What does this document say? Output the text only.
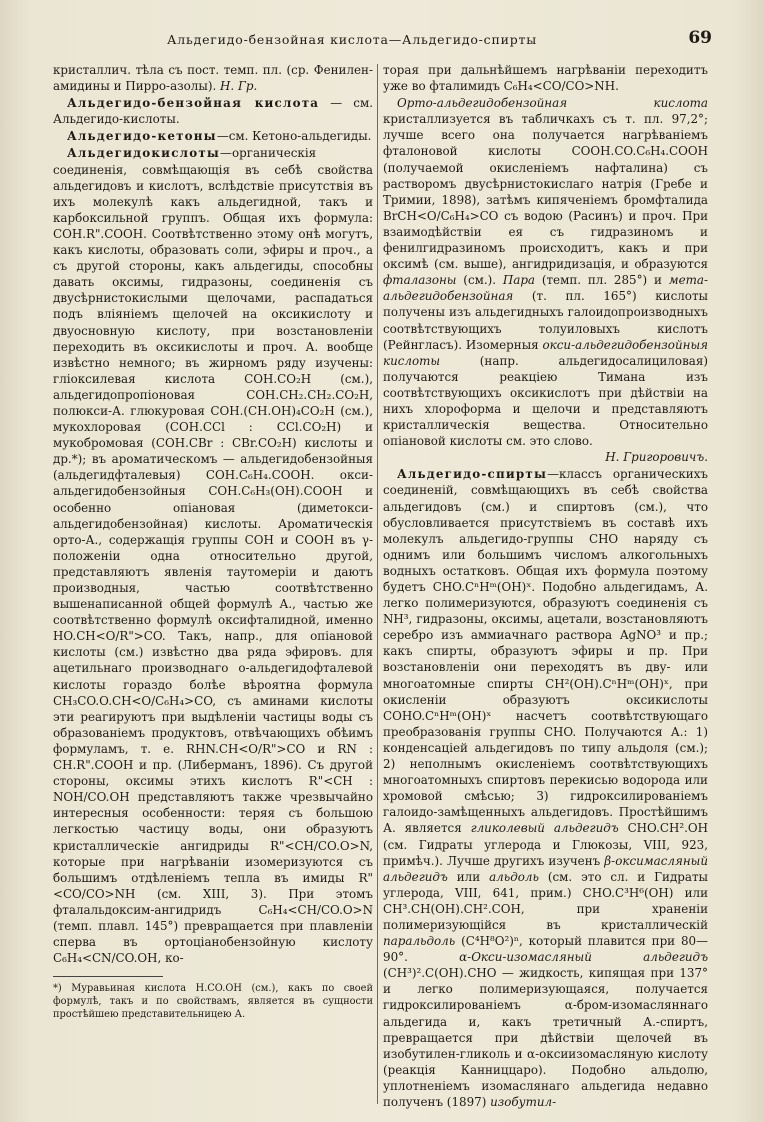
Альдегидо-бензойная кислота—Альдегидо-спирты	69

кристаллич. тѣла съ пост. темп. пл. (ср. Фенилен-амидины и Пирро-азолы). Н. Гр.

Альдегидо-бензойная кислота — см. Альдегидо-кислоты.

Альдегидо-кетоны—см. Кетоно-альдегиды.

Альдегидокислоты—органическія соединенія, совмѣщающія въ себѣ свойства альдегидовъ и кислотъ, вслѣдствіе присутствія въ ихъ молекулѣ какъ альдегидной, такъ и карбоксильной группъ. Общая ихъ формула: COH.R".COOH. Соотвѣтственно этому онѣ могутъ, какъ кислоты, образовать соли, эфиры и проч., а съ другой стороны, какъ альдегиды, способны давать оксимы, гидразоны, соединенія съ двусѣрнистокислыми щелочами, распадаться подъ вліяніемъ щелочей на оксикислоту и двуосновную кислоту, при возстановленіи переходить въ оксикислоты и проч. А. вообще извѣстно немного; въ жирномъ ряду изучены: гліоксилевая кислота COH.CO₂H (см.), альдегидопропіоновая COH.CH₂.CH₂.CO₂H, полюкси-А. глюкуровая COH.(CH.OH)₄CO₂H (см.), мукохлоровая (COH.CCl : CCl.CO₂H) и мукобромовая (COH.CBr : CBr.CO₂H) кислоты и др.*); въ ароматическомъ — альдегидобензойныя (альдегидфталевыя) COH.C₆H₄.COOH. окси-альдегидобензойныя COH.C₆H₃(OH).COOH и особенно опіановая (диметокси-альдегидобензойная) кислоты. Ароматическія орто-А., содержащія группы COH и COOH въ γ-положеніи одна относительно другой, представляютъ явленія таутомеріи и даютъ производныя, частью соотвѣтственно вышенаписанной общей формулѣ А., частью же соотвѣтственно формулѣ оксифталидной, именно HO.CH<O/R">CO. Такъ, напр., для опіановой кислоты (см.) извѣстно два ряда эфировъ. для ацетильнаго производнаго о-альдегидофталевой кислоты гораздо болѣе вѣроятна формула CH₃CO.O.CH<O/C₆H₄>CO, съ аминами кислоты эти реагируютъ при выдѣленіи частицы воды съ образованіемъ продуктовъ, отвѣчающихъ обѣимъ формуламъ, т. е. RHN.CH<O/R">CO и RN : CH.R".COOH и пр. (Либерманъ, 1896). Съ другой стороны, оксимы этихъ кислотъ R"<CH : NOH/CO.OH представляютъ также чрезвычайно интересныя особенности: теряя съ большою легкостью частицу воды, они образуютъ кристаллическіе ангидриды R"<CH/CO.O>N, которые при нагрѣваніи изомеризуются съ большимъ отдѣленіемъ тепла въ имиды R"<CO/CO>NH (см. XIII, 3). При этомъ фталальдоксим-ангидридъ C₆H₄<CH/CO.O>N (темп. плавл. 145°) превращается при плавленіи сперва въ ортоціанобензойную кислоту C₆H₄<CN/CO.OH, ко-

*) Муравьиная кислота H.CO.OH (см.), какъ по своей формулѣ, такъ и по свойствамъ, является въ сущности простѣйшею представительницею А.

торая при дальнѣйшемъ нагрѣваніи переходитъ уже во фталимидъ C₆H₄<CO/CO>NH.

Орто-альдегидобензойная кислота кристаллизуется въ табличкахъ съ т. пл. 97,2°; лучше всего она получается нагрѣваніемъ фталоновой кислоты COOH.CO.C₆H₄.COOH (получаемой окисленіемъ нафталина) съ растворомъ двусѣрнистокислаго натрія (Гребе и Тримии, 1898), затѣмъ кипяченіемъ бромфталида BrCH<O/C₆H₄>CO съ водою (Расинъ) и проч. При взаимодѣйствіи ея съ гидразиномъ и фенилгидразиномъ происходитъ, какъ и при оксимѣ (см. выше), ангидридизація, и образуются фталазоны (см.). Пара (темп. пл. 285°) и мета-альдегидобензойная (т. пл. 165°) кислоты получены изъ альдегидныхъ галоидопроизводныхъ соотвѣтствующихъ толуиловыхъ кислотъ (Рейнгласъ). Изомерныя окси-альдегидобензойныя кислоты (напр. альдегидосалициловая) получаются реакціею Тимана изъ соотвѣтствующихъ оксикислотъ при дѣйствіи на нихъ хлороформа и щелочи и представляютъ кристаллическія вещества. Относительно опіановой кислоты см. это слово.
Н. Григоровичъ.

Альдегидо-спирты—классъ органическихъ соединеній, совмѣщающихъ въ себѣ свойства альдегидовъ (см.) и спиртовъ (см.), что обусловливается присутствіемъ въ составѣ ихъ молекулъ альдегидо-группы CHO наряду съ однимъ или большимъ числомъ алкогольныхъ водныхъ остатковъ. Общая ихъ формула поэтому будетъ CHO.CⁿHᵐ(OH)ˣ. Подобно альдегидамъ, А. легко полимеризуются, образуютъ соединенія съ NH³, гидразоны, оксимы, ацетали, возстановляютъ серебро изъ аммиачнаго раствора AgNO³ и пр.; какъ спирты, образуютъ эфиры и пр. При возстановленіи они переходятъ въ дву- или многоатомные спирты CH²(OH).CⁿHᵐ(OH)ˣ, при окисленіи образуютъ оксикислоты COHO.CⁿHᵐ(OH)ˣ насчетъ соотвѣтствующаго преобразованія группы CHO. Получаются А.: 1) конденсаціей альдегидовъ по типу альдоля (см.); 2) неполнымъ окисленіемъ соотвѣтствующихъ многоатомныхъ спиртовъ перекисью водорода или хромовой смѣсью; 3) гидроксилированіемъ галоидо-замѣщенныхъ альдегидовъ. Простѣйшимъ А. является гликолевый альдегидъ CHO.CH².OH (см. Гидраты углерода и Глюкозы, VIII, 923, примѣч.). Лучше другихъ изученъ β-оксимасляный альдегидъ или альдоль (см. это сл. и Гидраты углерода, VIII, 641, прим.) CHO.C³H⁶(OH) или CH³.CH(OH).CH².COH, при храненіи полимеризующійся въ кристаллическій паральдоль (C⁴H⁸O²)ⁿ, который плавится при 80—90°. α-Окси-изомасляный альдегидъ (CH³)².C(OH).CHO — жидкость, кипящая при 137° и легко полимеризующаяся, получается гидроксилированіемъ α-бром-изомасляннаго альдегида и, какъ третичный А.-спиртъ, превращается при дѣйствіи щелочей въ изобутилен-гликоль и α-оксиизомасляную кислоту (реакція Канниццаро). Подобно альдолю, уплотненіемъ изомаслянаго альдегида недавно полученъ (1897) изобутил-
